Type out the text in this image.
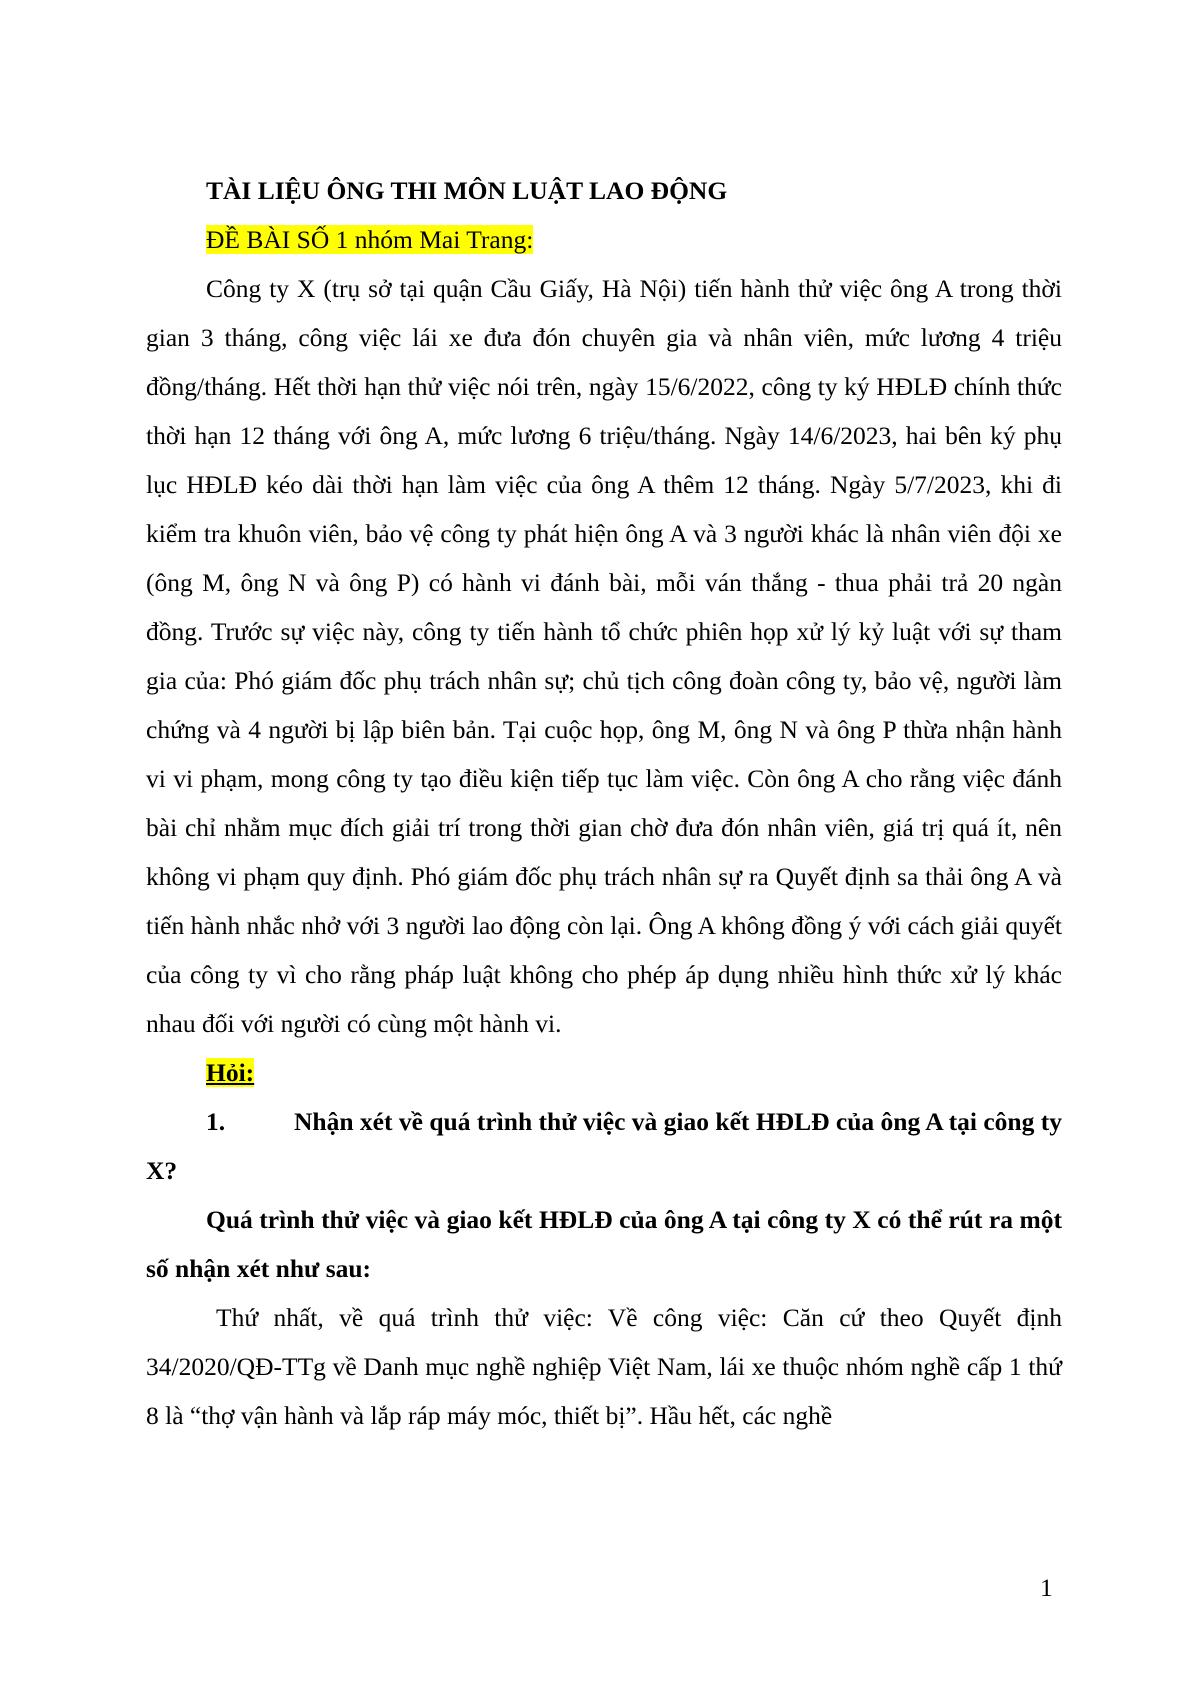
TÀI LIỆU ÔNG THI MÔN LUẬT LAO ĐỘNG
ĐỀ BÀI SỐ 1 nhóm Mai Trang:

Công ty X (trụ sở tại quận Cầu Giấy, Hà Nội) tiến hành thử việc ông A trong thời gian 3 tháng, công việc lái xe đưa đón chuyên gia và nhân viên, mức lương 4 triệu đồng/tháng. Hết thời hạn thử việc nói trên, ngày 15/6/2022, công ty ký HĐLĐ chính thức thời hạn 12 tháng với ông A, mức lương 6 triệu/tháng. Ngày 14/6/2023, hai bên ký phụ lục HĐLĐ kéo dài thời hạn làm việc của ông A thêm 12 tháng. Ngày 5/7/2023, khi đi kiểm tra khuôn viên, bảo vệ công ty phát hiện ông A và 3 người khác là nhân viên đội xe (ông M, ông N và ông P) có hành vi đánh bài, mỗi ván thắng - thua phải trả 20 ngàn đồng. Trước sự việc này, công ty tiến hành tổ chức phiên họp xử lý kỷ luật với sự tham gia của: Phó giám đốc phụ trách nhân sự; chủ tịch công đoàn công ty, bảo vệ, người làm chứng và 4 người bị lập biên bản. Tại cuộc họp, ông M, ông N và ông P thừa nhận hành vi vi phạm, mong công ty tạo điều kiện tiếp tục làm việc. Còn ông A cho rằng việc đánh bài chỉ nhằm mục đích giải trí trong thời gian chờ đưa đón nhân viên, giá trị quá ít, nên không vi phạm quy định. Phó giám đốc phụ trách nhân sự ra Quyết định sa thải ông A và tiến hành nhắc nhở với 3 người lao động còn lại. Ông A không đồng ý với cách giải quyết của công ty vì cho rằng pháp luật không cho phép áp dụng nhiều hình thức xử lý khác nhau đối với người có cùng một hành vi.

Hỏi:

1.	Nhận xét về quá trình thử việc và giao kết HĐLĐ của ông A tại công ty X?

Quá trình thử việc và giao kết HĐLĐ của ông A tại công ty X có thể rút ra một số nhận xét như sau:

Thứ nhất, về quá trình thử việc: Về công việc: Căn cứ theo Quyết định 34/2020/QĐ-TTg về Danh mục nghề nghiệp Việt Nam, lái xe thuộc nhóm nghề cấp 1 thứ 8 là “thợ vận hành và lắp ráp máy móc, thiết bị”. Hầu hết, các nghề

1
